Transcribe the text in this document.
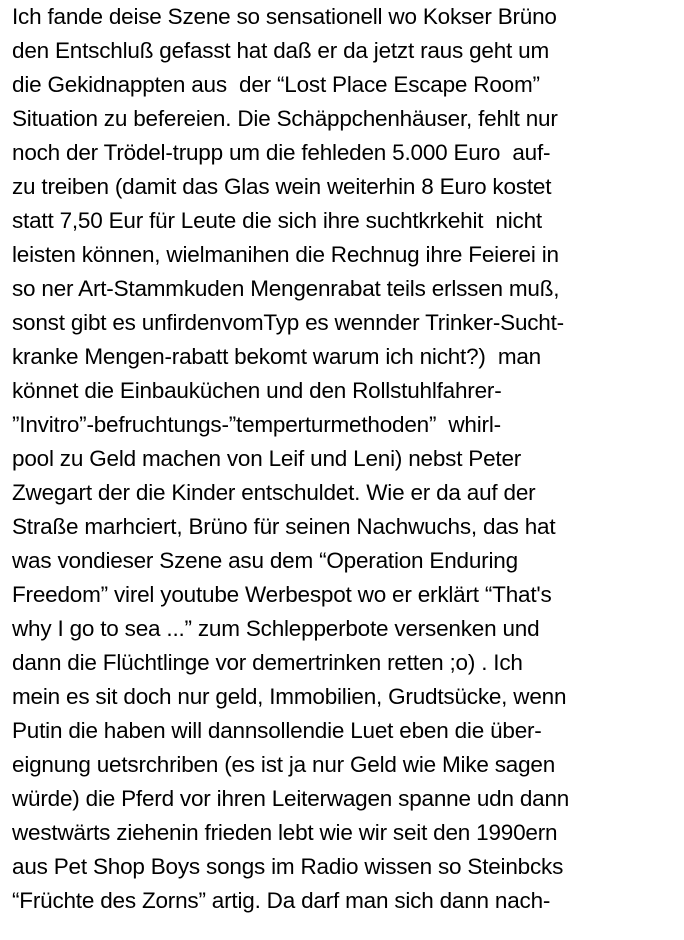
Ich fande deise Szene so sensationell wo Kokser Brüno
den Entschluß gefasst hat daß er da jetzt raus geht um
die Gekidnappten aus  der “Lost Place Escape Room”
Situation zu befereien. Die Schäppchenhäuser, fehlt nur
noch der Trödel-trupp um die fehleden 5.000 Euro  auf-
zu treiben (damit das Glas wein weiterhin 8 Euro kostet
statt 7,50 Eur für Leute die sich ihre suchtkrkehit  nicht
leisten können, wielmanihen die Rechnug ihre Feierei in
so ner Art-Stammkuden Mengenrabat teils erlssen muß,
sonst gibt es unfirdenvomTyp es wennder Trinker-Sucht-
kranke Mengen-rabatt bekomt warum ich nicht?)  man
könnet die Einbauküchen und den Rollstuhlfahrer-
”Invitro”-befruchtungs-”temperturmethoden”  whirl-
pool zu Geld machen von Leif und Leni) nebst Peter
Zwegart der die Kinder entschuldet. Wie er da auf der
Straße marhciert, Brüno für seinen Nachwuchs, das hat
was vondieser Szene asu dem “Operation Enduring
Freedom” virel youtube Werbespot wo er erklärt “That's
why I go to sea ...” zum Schlepperbote versenken und
dann die Flüchtlinge vor demertrinken retten ;o) . Ich
mein es sit doch nur geld, Immobilien, Grudtsücke, wenn
Putin die haben will dannsollendie Luet eben die über-
eignung uetsrchriben (es ist ja nur Geld wie Mike sagen
würde) die Pferd vor ihren Leiterwagen spanne udn dann
westwärts ziehenin frieden lebt wie wir seit den 1990ern
aus Pet Shop Boys songs im Radio wissen so Steinbcks
“Früchte des Zorns” artig. Da darf man sich dann nach-
